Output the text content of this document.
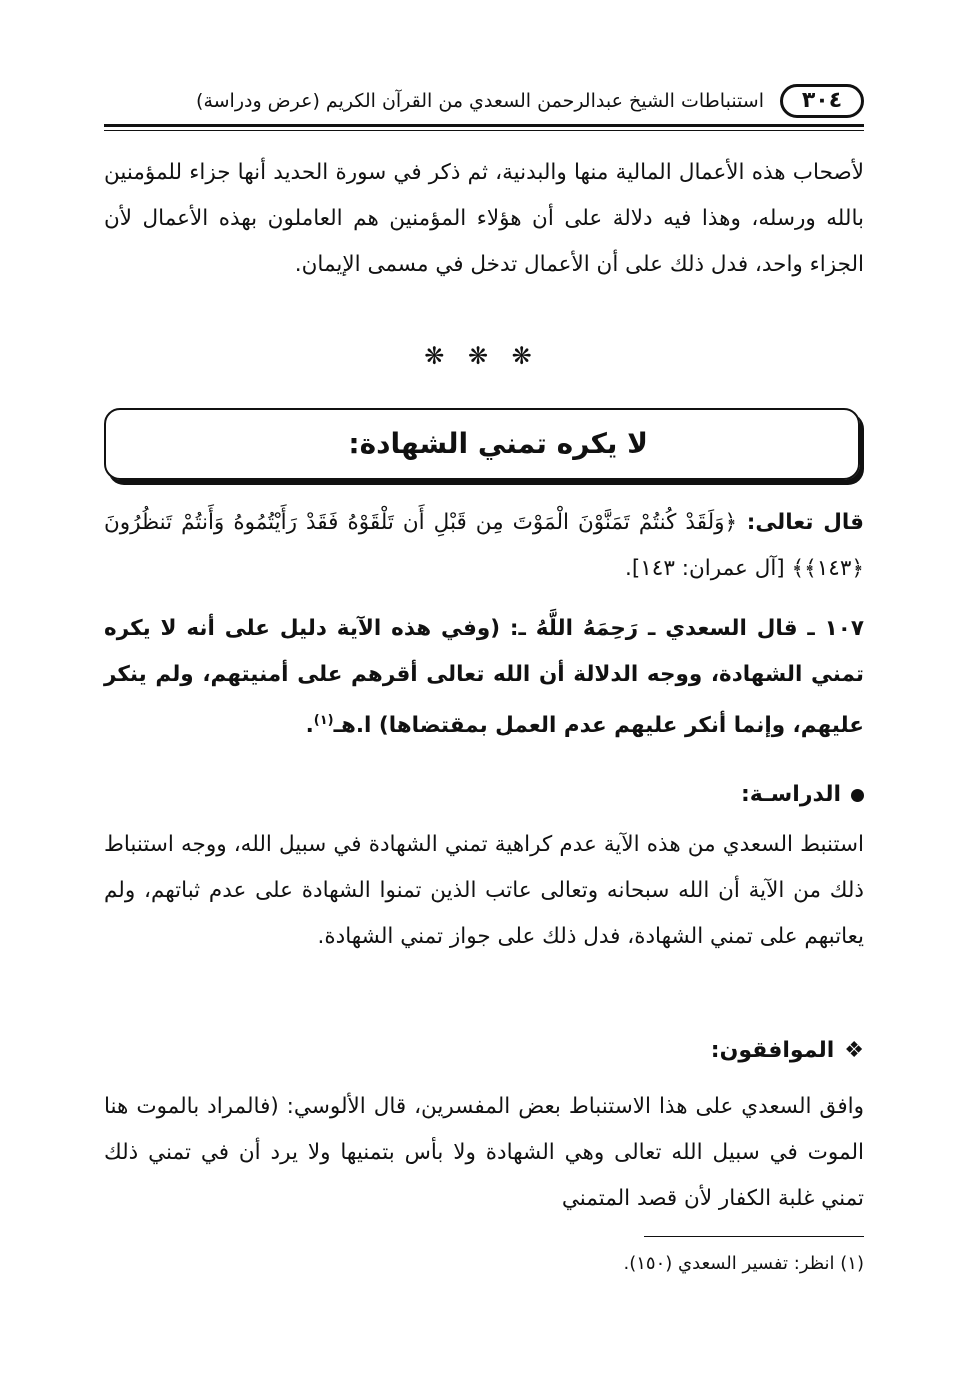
٣٠٤
استنباطات الشيخ عبدالرحمن السعدي من القرآن الكريم (عرض ودراسة)
لأصحاب هذه الأعمال المالية منها والبدنية، ثم ذكر في سورة الحديد أنها جزاء للمؤمنين بالله ورسله، وهذا فيه دلالة على أن هؤلاء المؤمنين هم العاملون بهذه الأعمال لأن الجزاء واحد، فدل ذلك على أن الأعمال تدخل في مسمى الإيمان.
❋ ❋ ❋
لا يكره تمني الشهادة:
قال تعالى: ﴿وَلَقَدْ كُنتُمْ تَمَنَّوْنَ الْمَوْتَ مِن قَبْلِ أَن تَلْقَوْهُ فَقَدْ رَأَيْتُمُوهُ وَأَنتُمْ تَنظُرُونَ ﴿١٤٣﴾﴾ [آل عمران: ١٤٣].
١٠٧ ـ قال السعدي ـ رَحِمَهُ اللَّهُ ـ: (وفي هذه الآية دليل على أنه لا يكره تمني الشهادة، ووجه الدلالة أن الله تعالى أقرهم على أمنيتهم، ولم ينكر عليهم، وإنما أنكر عليهم عدم العمل بمقتضاها) ا.هـ$^{(١)}$.
الدراسـة:
استنبط السعدي من هذه الآية عدم كراهية تمني الشهادة في سبيل الله، ووجه استنباط ذلك من الآية أن الله سبحانه وتعالى عاتب الذين تمنوا الشهادة على عدم ثباتهم، ولم يعاتبهم على تمني الشهادة، فدل ذلك على جواز تمني الشهادة.
❖
الموافقون:
وافق السعدي على هذا الاستنباط بعض المفسرين، قال الألوسي: (فالمراد بالموت هنا الموت في سبيل الله تعالى وهي الشهادة ولا بأس بتمنيها ولا يرد أن في تمني ذلك تمني غلبة الكفار لأن قصد المتمني
(١) انظر: تفسير السعدي (١٥٠).
